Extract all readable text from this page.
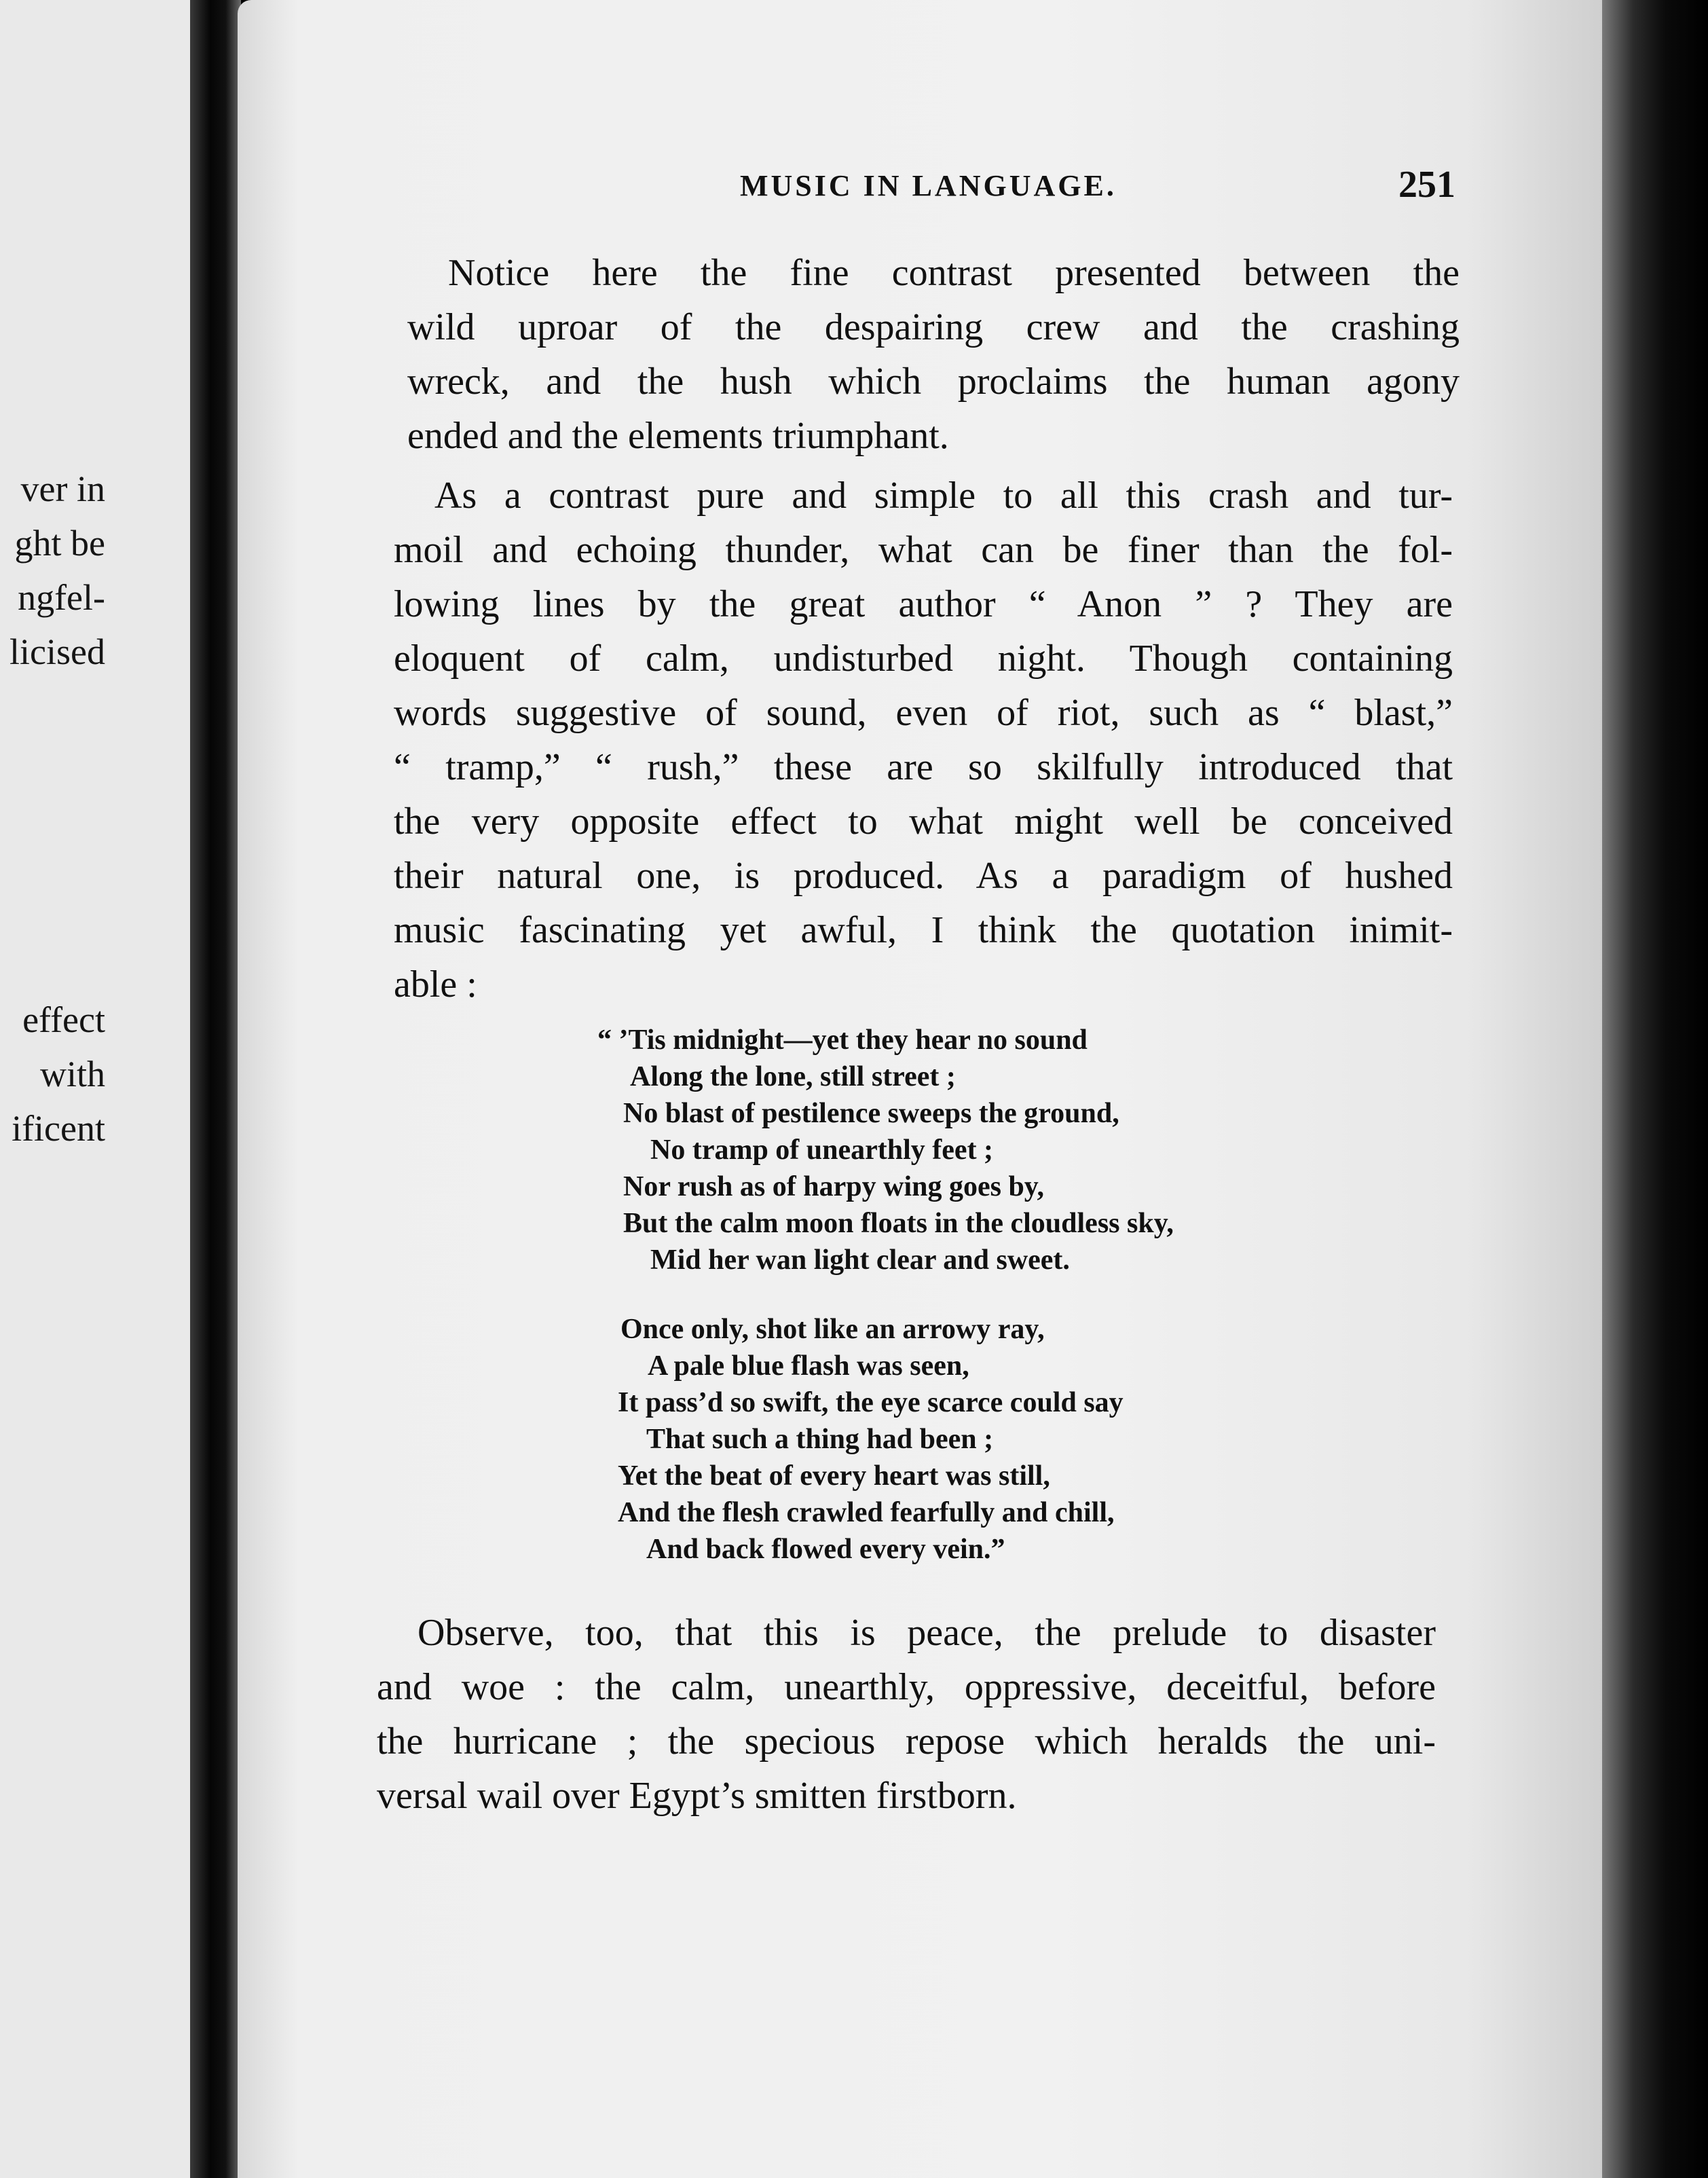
ver in
ght be
ngfel-
licised
effect
with
ificent
MUSIC IN LANGUAGE.	251
Notice here the fine contrast presented between the
wild uproar of the despairing crew and the crashing
wreck, and the hush which proclaims the human agony
ended and the elements triumphant.
As a contrast pure and simple to all this crash and tur-
moil and echoing thunder, what can be finer than the fol-
lowing lines by the great author “ Anon ” ? They are
eloquent of calm, undisturbed night. Though containing
words suggestive of sound, even of riot, such as “ blast,”
“ tramp,” “ rush,” these are so skilfully introduced that
the very opposite effect to what might well be conceived
their natural one, is produced. As a paradigm of hushed
music fascinating yet awful, I think the quotation inimit-
able :
“ ’Tis midnight—yet they hear no sound
Along the lone, still street ;
No blast of pestilence sweeps the ground,
No tramp of unearthly feet ;
Nor rush as of harpy wing goes by,
But the calm moon floats in the cloudless sky,
Mid her wan light clear and sweet.
Once only, shot like an arrowy ray,
A pale blue flash was seen,
It pass’d so swift, the eye scarce could say
That such a thing had been ;
Yet the beat of every heart was still,
And the flesh crawled fearfully and chill,
And back flowed every vein.”
Observe, too, that this is peace, the prelude to disaster
and woe : the calm, unearthly, oppressive, deceitful, before
the hurricane ; the specious repose which heralds the uni-
versal wail over Egypt’s smitten firstborn.
